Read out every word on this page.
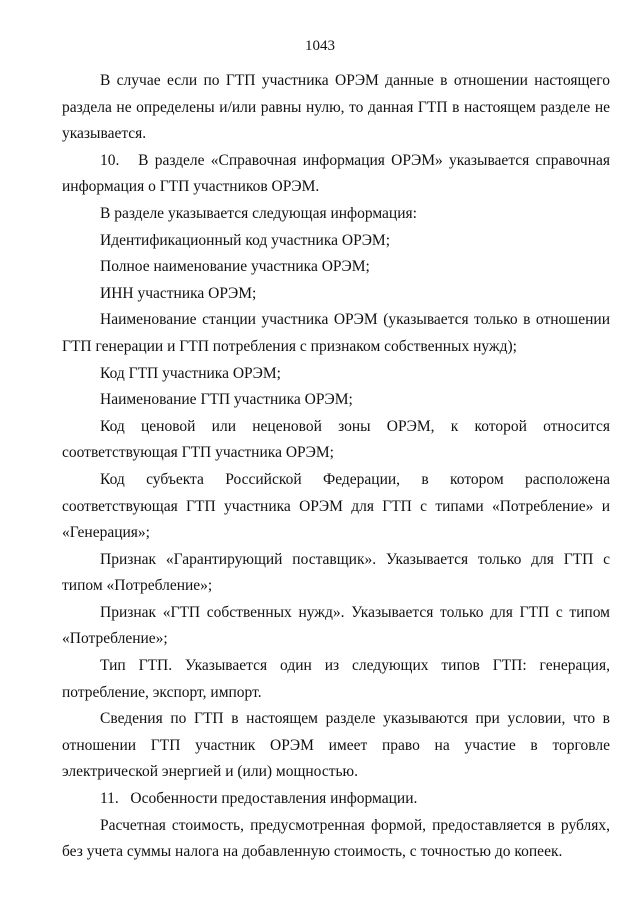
1043

В случае если по ГТП участника ОРЭМ данные в отношении настоящего раздела не определены и/или равны нулю, то данная ГТП в настоящем разделе не указывается.

10.   В разделе «Справочная информация ОРЭМ» указывается справочная информация о ГТП участников ОРЭМ.

В разделе указывается следующая информация:

Идентификационный код участника ОРЭМ;

Полное наименование участника ОРЭМ;

ИНН участника ОРЭМ;

Наименование станции участника ОРЭМ (указывается только в отношении ГТП генерации и ГТП потребления с признаком собственных нужд);

Код ГТП участника ОРЭМ;

Наименование ГТП участника ОРЭМ;

Код ценовой или неценовой зоны ОРЭМ, к которой относится соответствующая ГТП участника ОРЭМ;

Код субъекта Российской Федерации, в котором расположена соответствующая ГТП участника ОРЭМ для ГТП с типами «Потребление» и «Генерация»;

Признак «Гарантирующий поставщик». Указывается только для ГТП с типом «Потребление»;

Признак «ГТП собственных нужд». Указывается только для ГТП с типом «Потребление»;

Тип ГТП. Указывается один из следующих типов ГТП: генерация, потребление, экспорт, импорт.

Сведения по ГТП в настоящем разделе указываются при условии, что в отношении ГТП участник ОРЭМ имеет право на участие в торговле электрической энергией и (или) мощностью.

11.   Особенности предоставления информации.

Расчетная стоимость, предусмотренная формой, предоставляется в рублях, без учета суммы налога на добавленную стоимость, с точностью до копеек.
